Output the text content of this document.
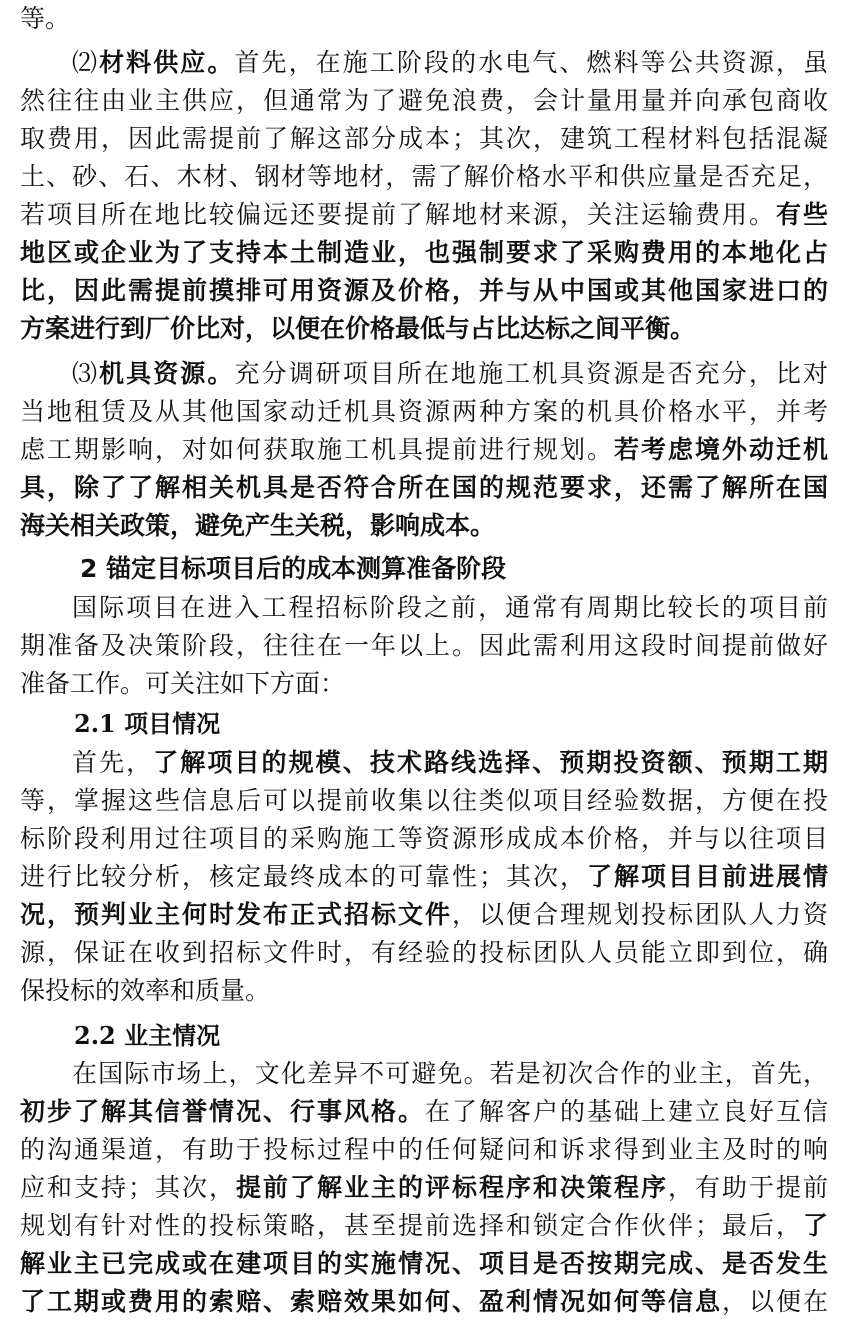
等。
⑵材料供应。首先，在施工阶段的水电气、燃料等公共资源，虽
然往往由业主供应，但通常为了避免浪费，会计量用量并向承包商收
取费用，因此需提前了解这部分成本；其次，建筑工程材料包括混凝
土、砂、石、木材、钢材等地材，需了解价格水平和供应量是否充足，
若项目所在地比较偏远还要提前了解地材来源，关注运输费用。有些
地区或企业为了支持本土制造业，也强制要求了采购费用的本地化占
比，因此需提前摸排可用资源及价格，并与从中国或其他国家进口的
方案进行到厂价比对，以便在价格最低与占比达标之间平衡。
⑶机具资源。充分调研项目所在地施工机具资源是否充分，比对
当地租赁及从其他国家动迁机具资源两种方案的机具价格水平，并考
虑工期影响，对如何获取施工机具提前进行规划。若考虑境外动迁机
具，除了了解相关机具是否符合所在国的规范要求，还需了解所在国
海关相关政策，避免产生关税，影响成本。
2 锚定目标项目后的成本测算准备阶段
国际项目在进入工程招标阶段之前，通常有周期比较长的项目前
期准备及决策阶段，往往在一年以上。因此需利用这段时间提前做好
准备工作。可关注如下方面：
2.1 项目情况
首先，了解项目的规模、技术路线选择、预期投资额、预期工期
等，掌握这些信息后可以提前收集以往类似项目经验数据，方便在投
标阶段利用过往项目的采购施工等资源形成成本价格，并与以往项目
进行比较分析，核定最终成本的可靠性；其次，了解项目目前进展情
况，预判业主何时发布正式招标文件，以便合理规划投标团队人力资
源，保证在收到招标文件时，有经验的投标团队人员能立即到位，确
保投标的效率和质量。
2.2 业主情况
在国际市场上，文化差异不可避免。若是初次合作的业主，首先，
初步了解其信誉情况、行事风格。在了解客户的基础上建立良好互信
的沟通渠道，有助于投标过程中的任何疑问和诉求得到业主及时的响
应和支持；其次，提前了解业主的评标程序和决策程序，有助于提前
规划有针对性的投标策略，甚至提前选择和锁定合作伙伴；最后，了
解业主已完成或在建项目的实施情况、项目是否按期完成、是否发生
了工期或费用的索赔、索赔效果如何、盈利情况如何等信息，以便在
